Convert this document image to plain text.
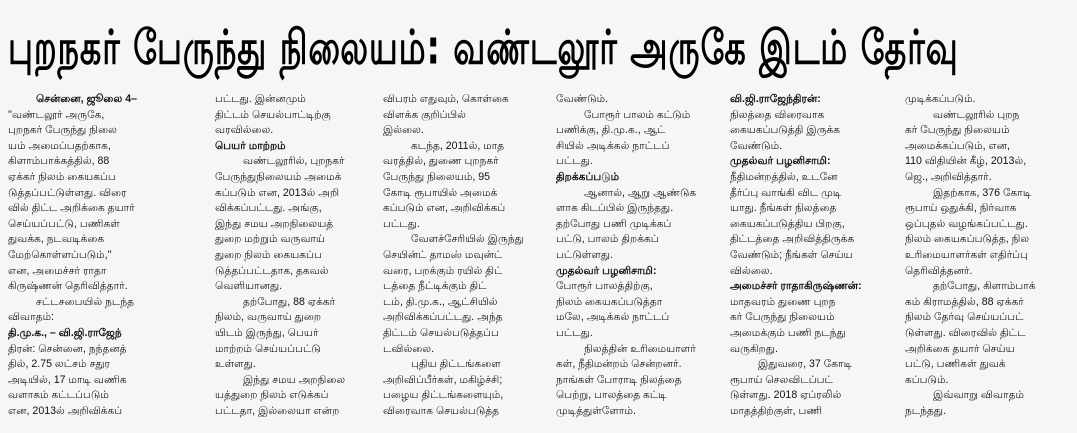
புறநகர் பேருந்து நிலையம்: வண்டலூர் அருகே இடம் தேர்வு
சென்னை, ஜூலை 4–
''வண்டலூர் அருகே,
புறநகர் பேருந்து நிலை
யம் அமைப்பதற்காக,
கிளாம்பாக்கத்தில், 88
ஏக்கர் நிலம் கையகப்ப
டுத்தப்பட்டுள்ளது. விரை
வில் திட்ட அறிக்கை தயார்
செய்யப்பட்டு, பணிகள்
துவக்க, நடவடிக்கை
மேற்கொள்ளப்படும்,''
என, அமைச்சர் ராதா
கிருஷ்ணன் தெரிவித்தார்.
சட்டசபையில் நடந்த
விவாதம்:
தி.மு.க., – வி.ஜி.ராஜேந்
திரன்: சென்னை, நந்தனத்
தில், 2.75 லட்சம் சதுர
அடியில், 17 மாடி வணிக
வளாகம் கட்டப்படும்
என, 2013ல் அறிவிக்கப்
பட்டது. இன்னமும்
திட்டம் செயல்பாட்டிற்கு
வரவில்லை.
பெயர் மாற்றம்
வண்டலூரில், புறநகர்
பேருந்துநிலையம் அமைக்
கப்படும் என, 2013ல் அறி
விக்கப்பட்டது. அங்கு,
இந்து சமய அறநிலையத்
துறை மற்றும் வருவாய்
துறை நிலம் கையகப்ப
டுத்தப்பட்டதாக, தகவல்
வெளியானது.
தற்போது, 88 ஏக்கர்
நிலம், வருவாய் துறை
யிடம் இருந்து, பெயர்
மாற்றம் செய்யப்பட்டு
உள்ளது.
இந்து சமய அறநிலை
யத்துறை நிலம் எடுக்கப்
பட்டதா, இல்லையா என்ற
விபரம் எதுவும், கொள்கை
விளக்க குறிப்பில்
இல்லை.
கடந்த, 2011ல், மாத
வரத்தில், துணை புறநகர்
பேருந்து நிலையம், 95
கோடி ரூபாயில் அமைக்
கப்படும் என, அறிவிக்கப்
பட்டது.
வேளச்சேரியில் இருந்து
செயின்ட் தாமஸ் மவுன்ட்
வரை, பறக்கும் ரயில் திட்
டத்தை நீட்டிக்கும் திட்
டம், தி.மு.க., ஆட்சியில்
அறிவிக்கப்பட்டது. அந்த
திட்டம் செயல்படுத்தப்ப
டவில்லை.
புதிய திட்டங்களை
அறிவிப்பீர்கள், மகிழ்ச்சி;
பழைய திட்டங்களையும்,
விரைவாக செயல்படுத்த
வேண்டும்.
போரூர் பாலம் கட்டும்
பணிக்கு, தி.மு.க., ஆட்
சியில் அடிக்கல் நாட்டப்
பட்டது.
திறக்கப்படும்
ஆனால், ஆறு ஆண்டுக
ளாக கிடப்பில் இருந்தது.
தற்போது பணி முடிக்கப்
பட்டு, பாலம் திறக்கப்
பட்டுள்ளது.
முதல்வர் பழனிசாமி:
போரூர் பாலத்திற்கு,
நிலம் கையகப்படுத்தா
மலே, அடிக்கல் நாட்டப்
பட்டது.
நிலத்தின் உரிமையாளர்
கள், நீதிமன்றம் சென்றனர்.
நாங்கள் போராடி நிலத்தை
பெற்று, பாலத்தை கட்டி
முடித்துள்ளோம்.
வி.ஜி.ராஜேந்திரன்:
நிலத்தை விரைவாக
கையகப்படுத்தி இருக்க
வேண்டும்.
முதல்வர் பழனிசாமி:
நீதிமன்றத்தில், உடனே
தீர்ப்பு வாங்கி விட முடி
யாது. நீங்கள் நிலத்தை
கையகப்படுத்திய பிறகு,
திட்டத்தை அறிவித்திருக்க
வேண்டும்; நீங்கள் செய்ய
வில்லை.
அமைச்சர் ராதாகிருஷ்ணன்:
மாதவரம் துணை புறந
கர் பேருந்து நிலையம்
அமைக்கும் பணி நடந்து
வருகிறது.
இதுவரை, 37 கோடி
ரூபாய் செலவிடப்பட்
டுள்ளது. 2018 ஏப்ரலில்
மாதத்திற்குள், பணி
முடிக்கப்படும்.
வண்டலூரில் புறந
கர் பேருந்து நிலையம்
அமைக்கப்படும், என,
110 விதியின் கீழ், 2013ல்,
ஜெ., அறிவித்தார்.
இதற்காக, 376 கோடி
ரூபாய் ஒதுக்கி, நிர்வாக
ஒப்புதல் வழங்கப்பட்டது.
நிலம் கையகப்படுத்த, நில
உரிமையாளர்கள் எதிர்ப்பு
தெரிவித்தனர்.
தற்போது, கிளாம்பாக்
கம் கிராமத்தில், 88 ஏக்கர்
நிலம் தேர்வு செய்யப்பட்
டுள்ளது. விரைவில் திட்ட
அறிக்கை தயார் செய்ய
பட்டு, பணிகள் துவக்
கப்படும்.
இவ்வாறு விவாதம்
நடந்தது.
